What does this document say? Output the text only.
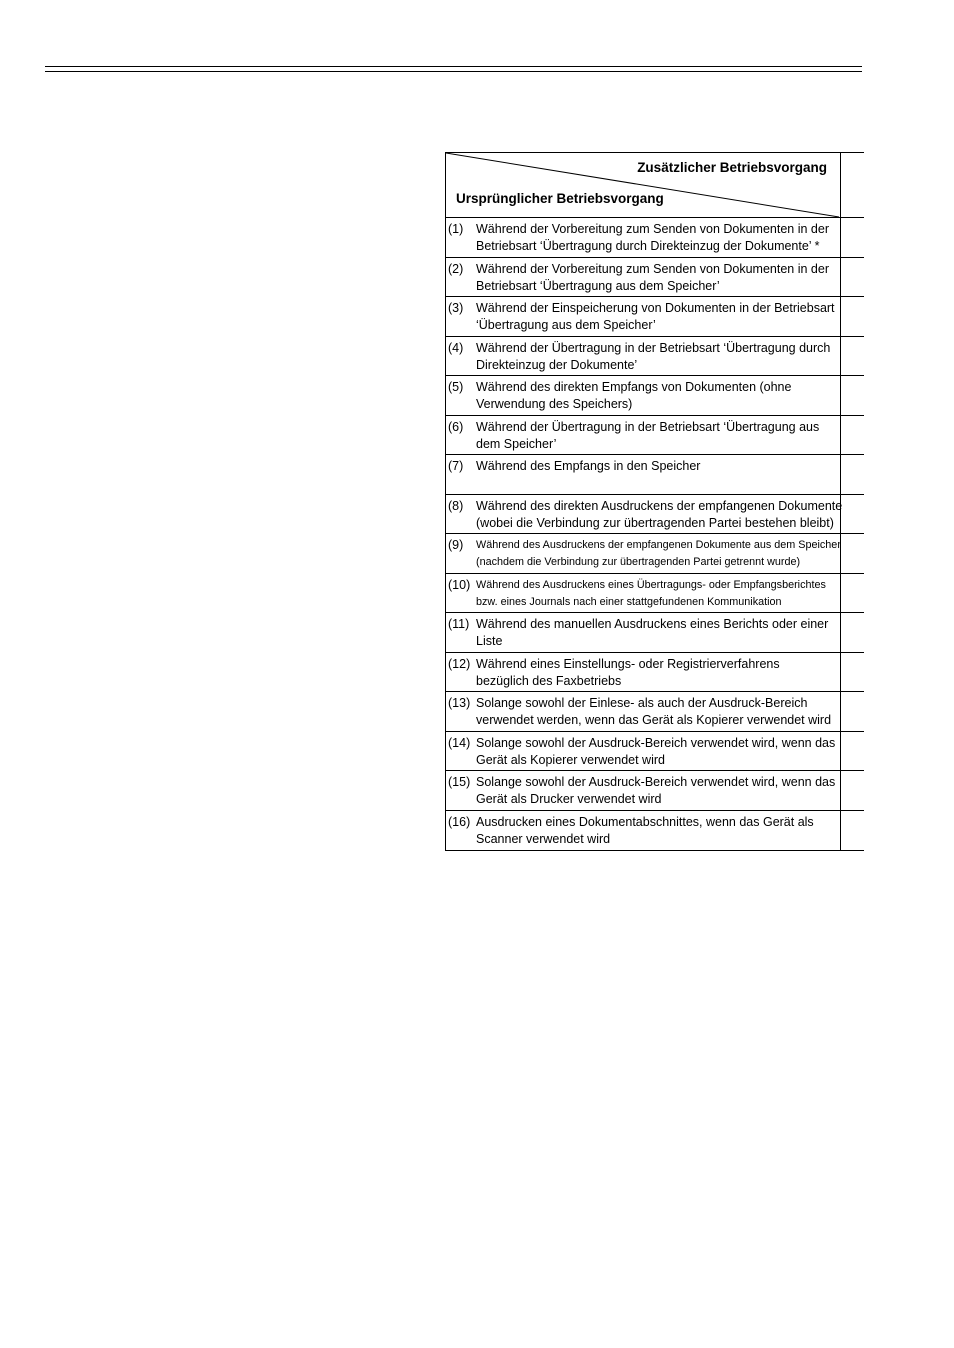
Zusätzlicher Betriebsvorgang
Ursprünglicher Betriebsvorgang
(1) Während der Vorbereitung zum Senden von Dokumenten in der
Betriebsart ‘Übertragung durch Direkteinzug der Dokumente’ *
(2) Während der Vorbereitung zum Senden von Dokumenten in der
Betriebsart ‘Übertragung aus dem Speicher’
(3) Während der Einspeicherung von Dokumenten in der Betriebsart
‘Übertragung aus dem Speicher’
(4) Während der Übertragung in der Betriebsart ‘Übertragung durch
Direkteinzug der Dokumente’
(5) Während des direkten Empfangs von Dokumenten (ohne
Verwendung des Speichers)
(6) Während der Übertragung in der Betriebsart ‘Übertragung aus
dem Speicher’
(7) Während des Empfangs in den Speicher
(8) Während des direkten Ausdruckens der empfangenen Dokumente
(wobei die Verbindung zur übertragenden Partei bestehen bleibt)
(9) Während des Ausdruckens der empfangenen Dokumente aus dem Speicher
(nachdem die Verbindung zur übertragenden Partei getrennt wurde)
(10) Während des Ausdruckens eines Übertragungs- oder Empfangsberichtes
bzw. eines Journals nach einer stattgefundenen Kommunikation
(11) Während des manuellen Ausdruckens eines Berichts oder einer
Liste
(12) Während eines Einstellungs- oder Registrierverfahrens
bezüglich des Faxbetriebs
(13) Solange sowohl der Einlese- als auch der Ausdruck-Bereich
verwendet werden, wenn das Gerät als Kopierer verwendet wird
(14) Solange sowohl der Ausdruck-Bereich verwendet wird, wenn das
Gerät als Kopierer verwendet wird
(15) Solange sowohl der Ausdruck-Bereich verwendet wird, wenn das
Gerät als Drucker verwendet wird
(16) Ausdrucken eines Dokumentabschnittes, wenn das Gerät als
Scanner verwendet wird
